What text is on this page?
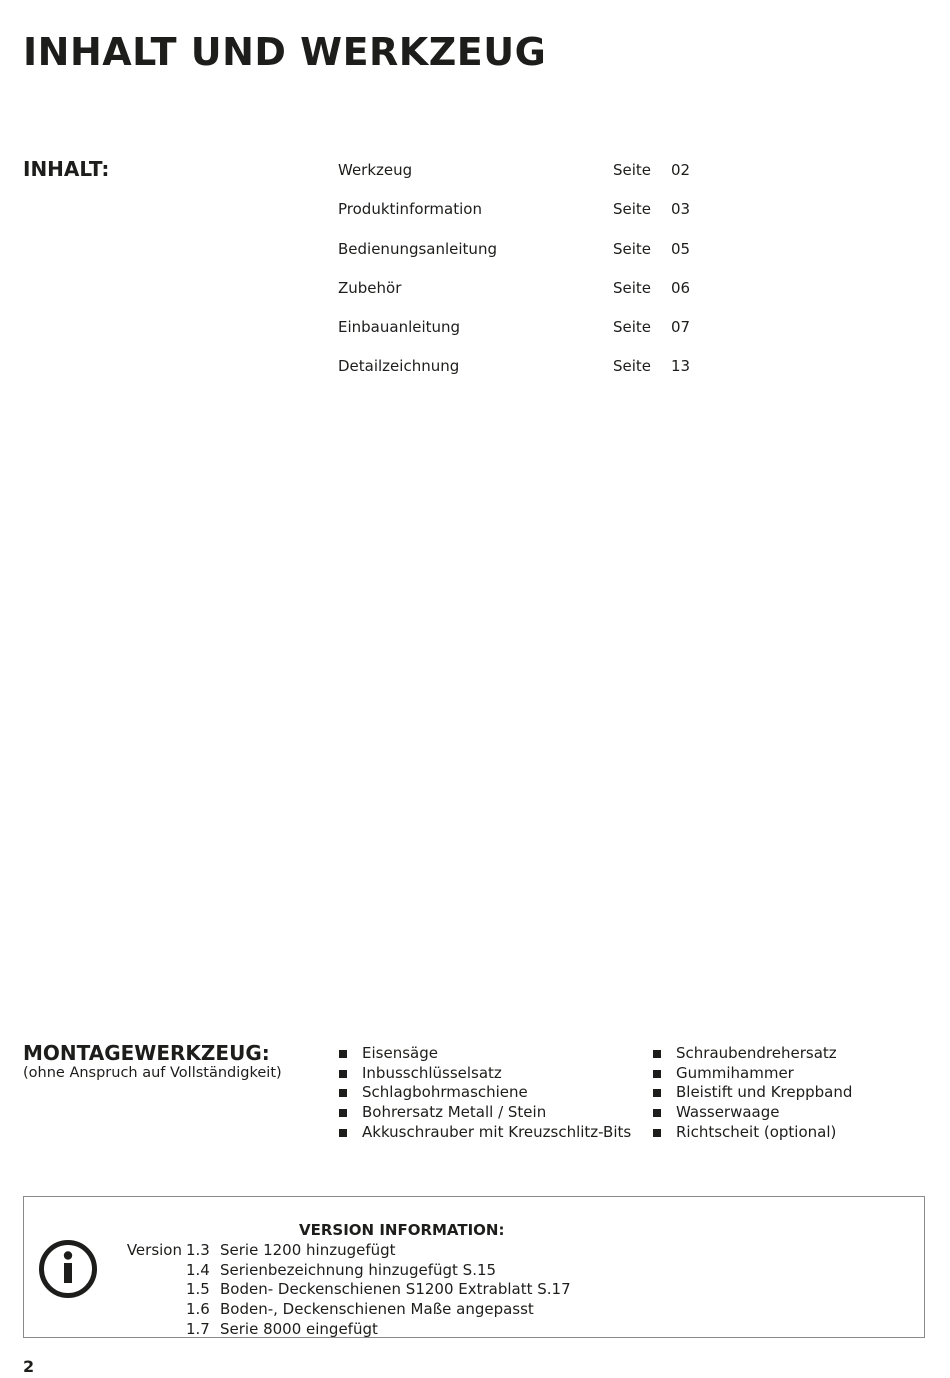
INHALT UND WERKZEUG
INHALT:	Werkzeug	Seite 02
Produktinformation	Seite 03
Bedienungsanleitung	Seite 05
Zubehör	Seite 06
Einbauanleitung	Seite 07
Detailzeichnung	Seite 13
MONTAGEWERKZEUG:
(ohne Anspruch auf Vollständigkeit)
Eisensäge
Inbusschlüsselsatz
Schlagbohrmaschiene
Bohrersatz Metall / Stein
Akkuschrauber mit Kreuzschlitz-Bits
Schraubendrehersatz
Gummihammer
Bleistift und Kreppband
Wasserwaage
Richtscheit (optional)
VERSION INFORMATION:
Version 1.3 Serie 1200 hinzugefügt
1.4 Serienbezeichnung hinzugefügt S.15
1.5 Boden- Deckenschienen S1200 Extrablatt S.17
1.6 Boden-, Deckenschienen Maße angepasst
1.7 Serie 8000 eingefügt
2
